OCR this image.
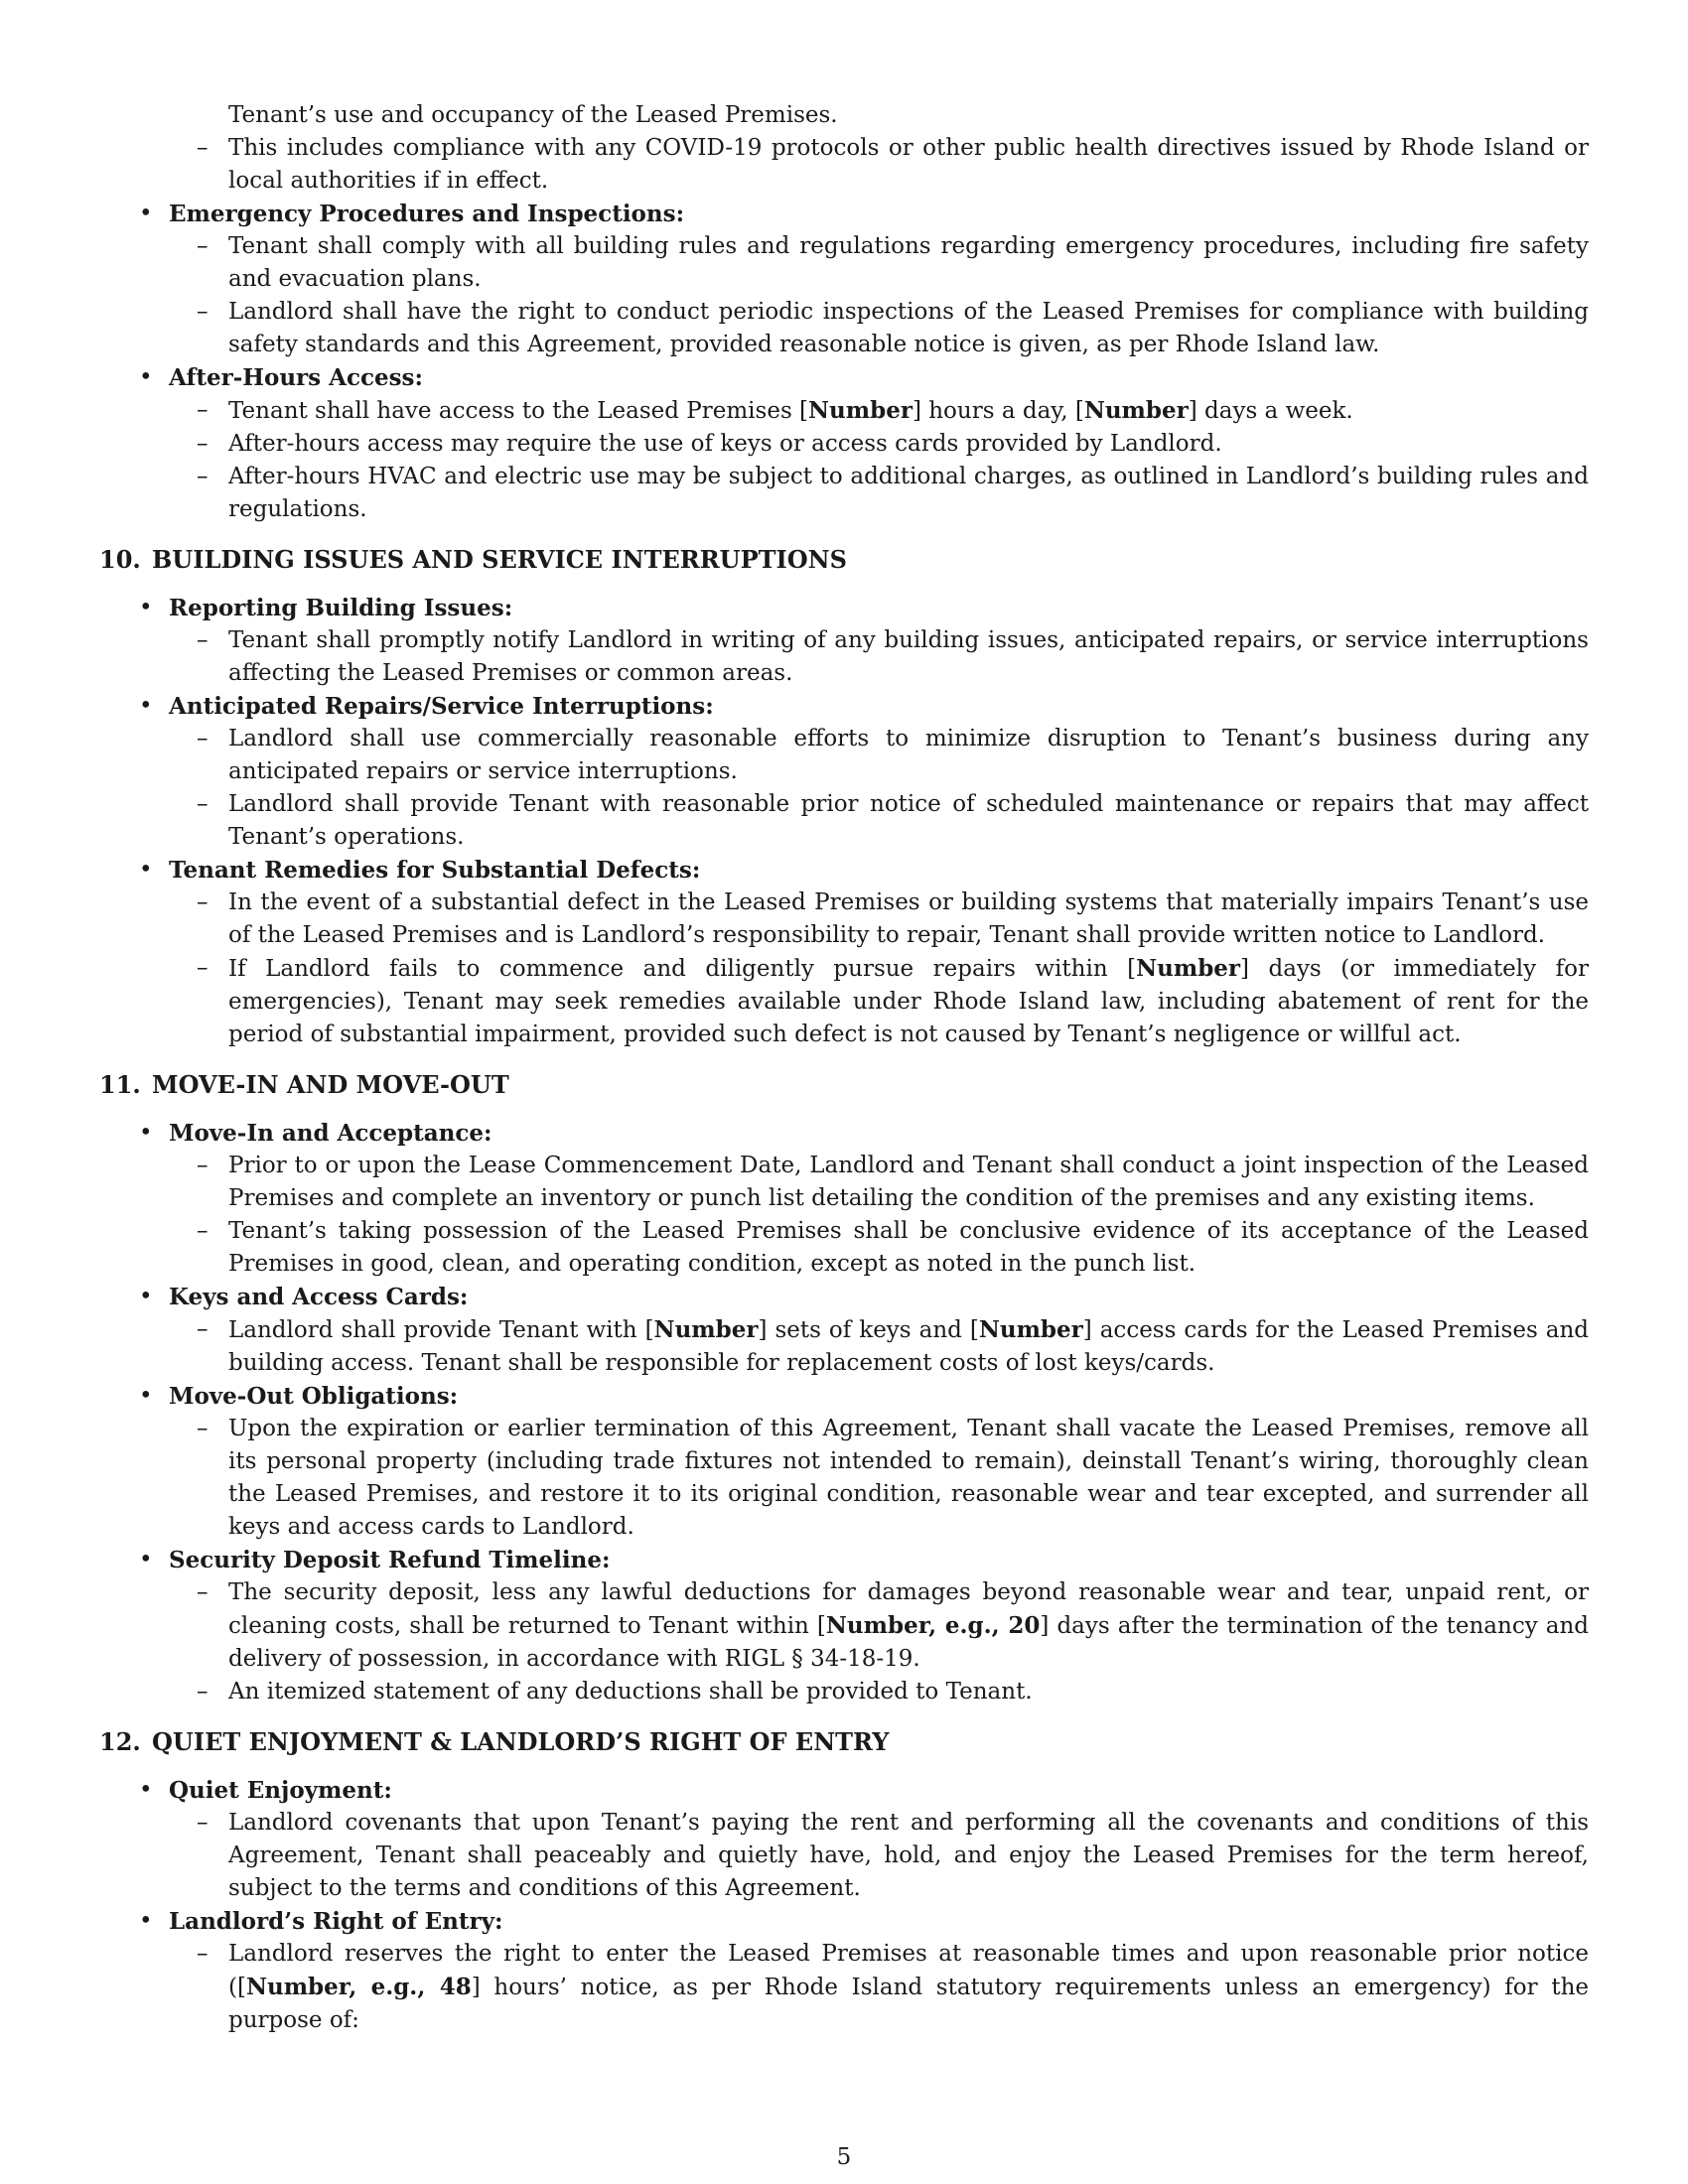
Tenant’s use and occupancy of the Leased Premises.

– This includes compliance with any COVID-19 protocols or other public health directives issued by Rhode Island or local authorities if in effect.
• Emergency Procedures and Inspections:
– Tenant shall comply with all building rules and regulations regarding emergency procedures, including fire safety and evacuation plans.
– Landlord shall have the right to conduct periodic inspections of the Leased Premises for compliance with building safety standards and this Agreement, provided reasonable notice is given, as per Rhode Island law.
• After-Hours Access:
– Tenant shall have access to the Leased Premises [Number] hours a day, [Number] days a week.
– After-hours access may require the use of keys or access cards provided by Landlord.
– After-hours HVAC and electric use may be subject to additional charges, as outlined in Landlord’s building rules and regulations.
10. BUILDING ISSUES AND SERVICE INTERRUPTIONS
• Reporting Building Issues:
– Tenant shall promptly notify Landlord in writing of any building issues, anticipated repairs, or service interruptions affecting the Leased Premises or common areas.
• Anticipated Repairs/Service Interruptions:
– Landlord shall use commercially reasonable efforts to minimize disruption to Tenant’s business during any anticipated repairs or service interruptions.
– Landlord shall provide Tenant with reasonable prior notice of scheduled maintenance or repairs that may affect Tenant’s operations.
• Tenant Remedies for Substantial Defects:
– In the event of a substantial defect in the Leased Premises or building systems that materially impairs Tenant’s use of the Leased Premises and is Landlord’s responsibility to repair, Tenant shall provide written notice to Landlord.
– If Landlord fails to commence and diligently pursue repairs within [Number] days (or immediately for emergencies), Tenant may seek remedies available under Rhode Island law, including abatement of rent for the period of substantial impairment, provided such defect is not caused by Tenant’s negligence or willful act.
11. MOVE-IN AND MOVE-OUT
• Move-In and Acceptance:
– Prior to or upon the Lease Commencement Date, Landlord and Tenant shall conduct a joint inspection of the Leased Premises and complete an inventory or punch list detailing the condition of the premises and any existing items.
– Tenant’s taking possession of the Leased Premises shall be conclusive evidence of its acceptance of the Leased Premises in good, clean, and operating condition, except as noted in the punch list.
• Keys and Access Cards:
– Landlord shall provide Tenant with [Number] sets of keys and [Number] access cards for the Leased Premises and building access. Tenant shall be responsible for replacement costs of lost keys/cards.
• Move-Out Obligations:
– Upon the expiration or earlier termination of this Agreement, Tenant shall vacate the Leased Premises, remove all its personal property (including trade fixtures not intended to remain), deinstall Tenant’s wiring, thoroughly clean the Leased Premises, and restore it to its original condition, reasonable wear and tear excepted, and surrender all keys and access cards to Landlord.
• Security Deposit Refund Timeline:
– The security deposit, less any lawful deductions for damages beyond reasonable wear and tear, unpaid rent, or cleaning costs, shall be returned to Tenant within [Number, e.g., 20] days after the termination of the tenancy and delivery of possession, in accordance with RIGL § 34-18-19.
– An itemized statement of any deductions shall be provided to Tenant.
12. QUIET ENJOYMENT & LANDLORD’S RIGHT OF ENTRY
• Quiet Enjoyment:
– Landlord covenants that upon Tenant’s paying the rent and performing all the covenants and conditions of this Agreement, Tenant shall peaceably and quietly have, hold, and enjoy the Leased Premises for the term hereof, subject to the terms and conditions of this Agreement.
• Landlord’s Right of Entry:
– Landlord reserves the right to enter the Leased Premises at reasonable times and upon reasonable prior notice ([Number, e.g., 48] hours’ notice, as per Rhode Island statutory requirements unless an emergency) for the purpose of:
5
